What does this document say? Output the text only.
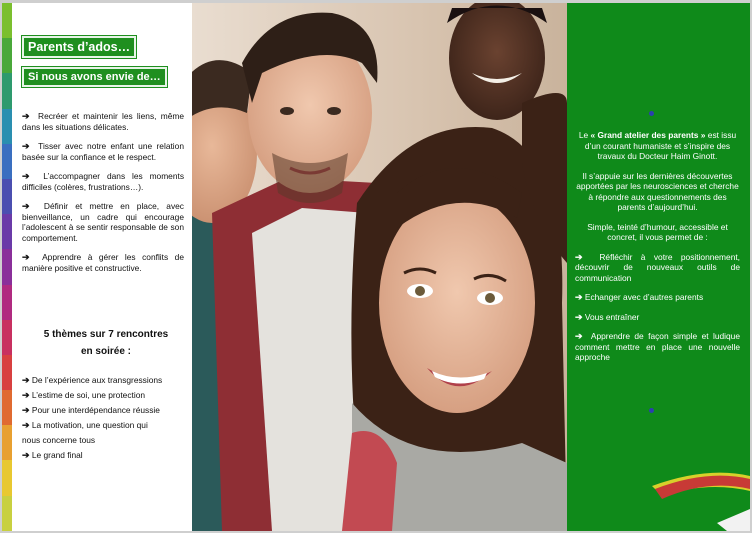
Parents d’ados…
Si nous avons envie de…

➔ Recréer et maintenir les liens, même dans les situations délicates.

➔ Tisser avec notre enfant une relation basée sur la confiance et le respect.

➔ L’accompagner dans les moments difficiles (colères, frustrations…).

➔ Définir et mettre en place, avec bienveillance, un cadre qui encourage l’adolescent à se sentir responsable de son comportement.

➔ Apprendre à gérer les conflits de manière positive et constructive.

5 thèmes sur 7 rencontres
en soirée :
➔ De l’expérience aux transgressions
➔ L’estime de soi, une protection
➔ Pour une interdépendance réussie
➔ La motivation, une question qui
nous concerne tous
➔ Le grand final

Le « Grand atelier des parents » est issu d’un courant humaniste et s’inspire des travaux du Docteur Haim Ginott.

Il s’appuie sur les dernières découvertes apportées par les neurosciences et cherche à répondre aux questionnements des parents d’aujourd’hui.

Simple, teinté d’humour, accessible et concret, il vous permet de :

➔ Réfléchir à votre positionnement, découvrir de nouveaux outils de communication

➔ Echanger avec d’autres parents

➔ Vous entraîner

➔ Apprendre de façon simple et ludique comment mettre en place une nouvelle approche
